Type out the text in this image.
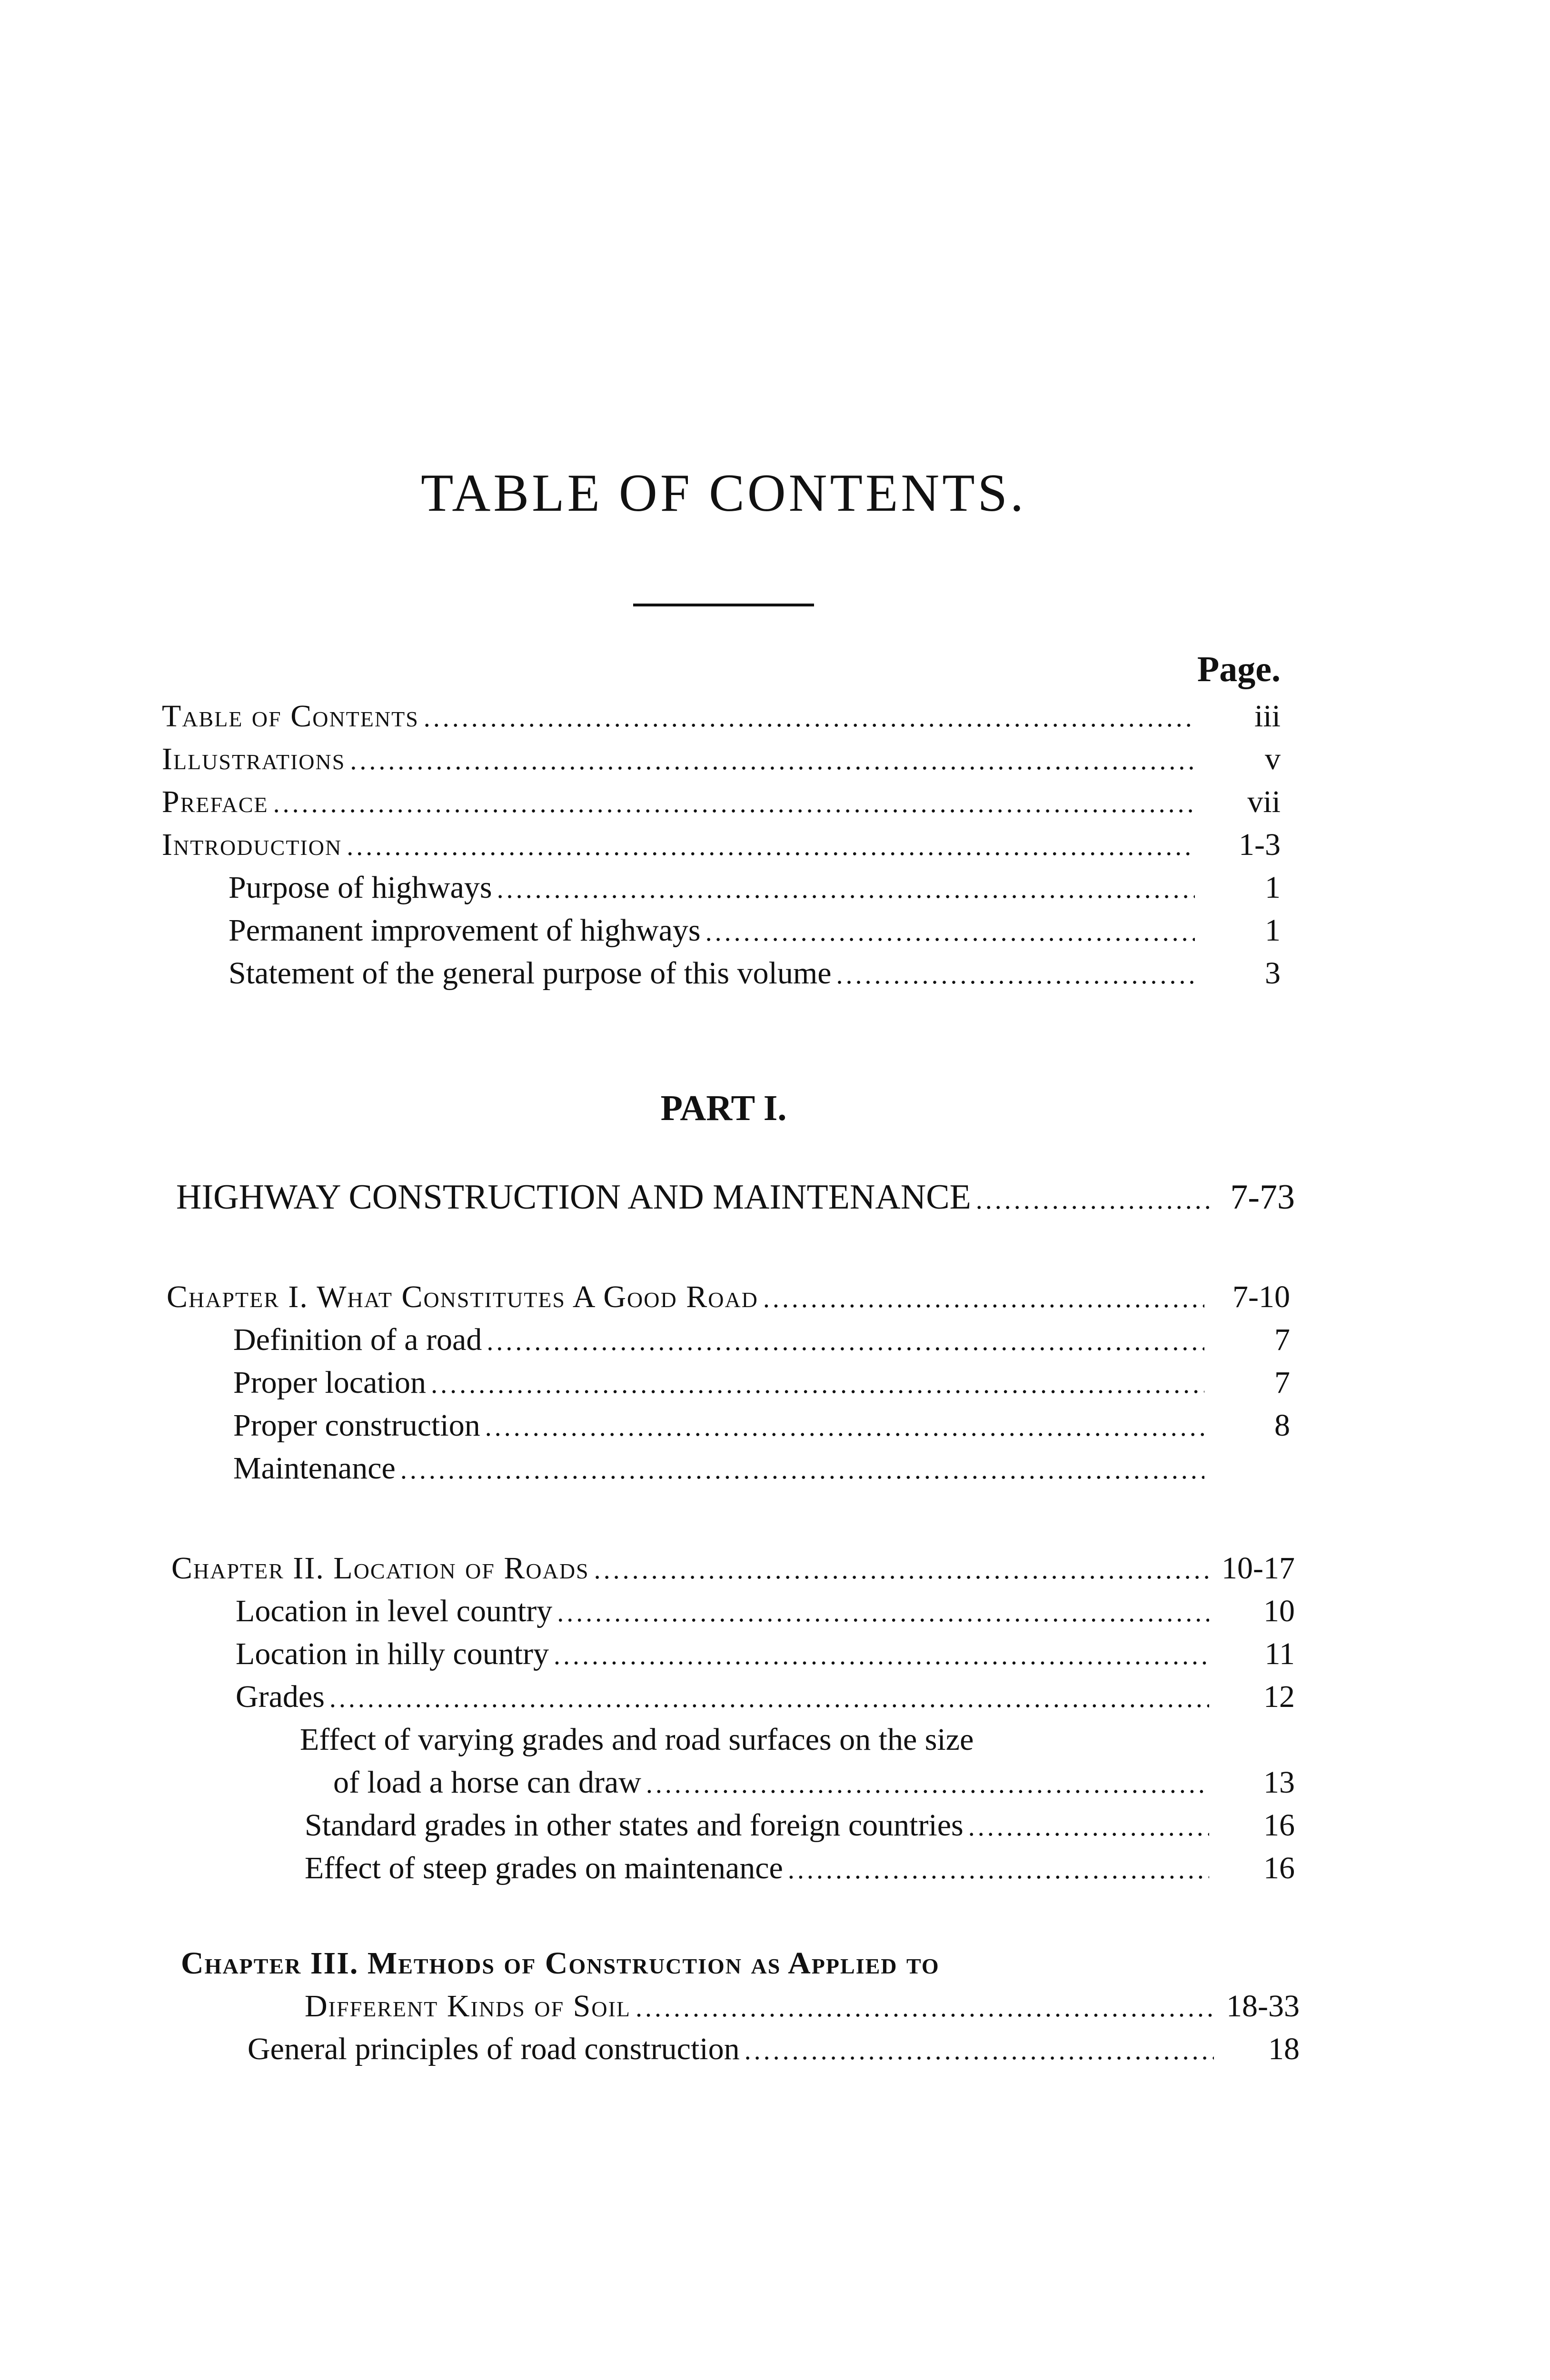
TABLE OF CONTENTS.
Page.
Table of Contents .....	iii
Illustrations .....	v
Preface .....	vii
Introduction .....	1-3
Purpose of highways .....	1
Permanent improvement of highways .....	1
Statement of the general purpose of this volume .....	3
PART I.
HIGHWAY CONSTRUCTION AND MAINTENANCE .....	7-73
Chapter I. What Constitutes A Good Road .....	7-10
Definition of a road .....	7
Proper location .....	7
Proper construction .....	8
Maintenance
.....
Chapter II. Location of Roads .....	10-17
Location in level country .....	10
Location in hilly country .....	11
Grades .....	12
Effect of varying grades and road surfaces on the size
of load a horse can draw .....	13
Standard grades in other states and foreign countries .....	16
Effect of steep grades on maintenance .....	16
Chapter III. Methods of Construction as Applied to
Different Kinds of Soil .....	18-33
General principles of road construction .....	18
